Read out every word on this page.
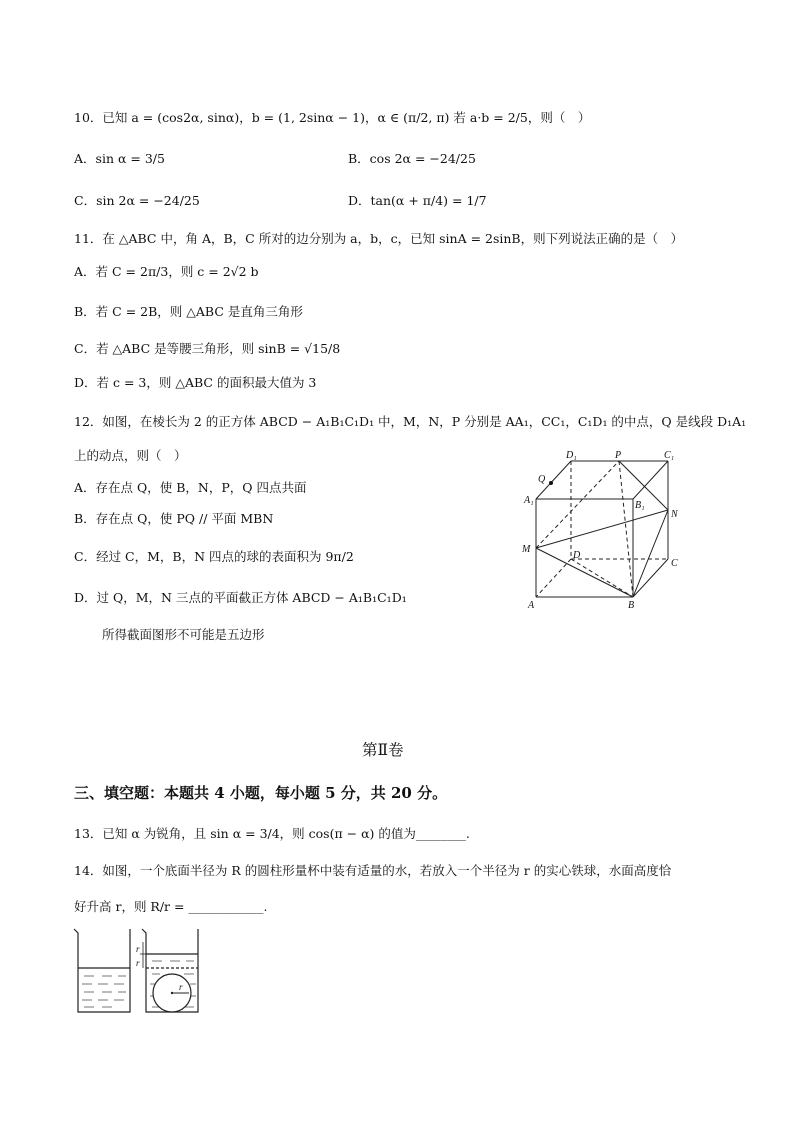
10．已知 a = (cos2α, sinα)，b = (1, 2sinα − 1)，α ∈ (π/2, π) 若 a·b = 2/5，则（　）
A．sin α = 3/5	B．cos 2α = −24/25
C．sin 2α = −24/25	D．tan(α + π/4) = 1/7
11．在 △ABC 中，角 A，B，C 所对的边分别为 a，b，c，已知 sinA = 2sinB，则下列说法正确的是（　）
A．若 C = 2π/3，则 c = 2√2 b
B．若 C = 2B，则 △ABC 是直角三角形
C．若 △ABC 是等腰三角形，则 sinB = √15/8
D．若 c = 3，则 △ABC 的面积最大值为 3
12．如图，在棱长为 2 的正方体 ABCD − A₁B₁C₁D₁ 中，M，N，P 分别是 AA₁，CC₁，C₁D₁ 的中点，Q 是线段 D₁A₁
上的动点，则（　）
A．存在点 Q，使 B，N，P，Q 四点共面
B．存在点 Q，使 PQ // 平面 MBN
C．经过 C，M，B，N 四点的球的表面积为 9π/2
D．过 Q，M，N 三点的平面截正方体 ABCD − A₁B₁C₁D₁
所得截面图形不可能是五边形
A₁
D₁	P	C₁
Q
B₁
N
M
D
C
A	B
第Ⅱ卷
三、填空题：本题共 4 小题，每小题 5 分，共 20 分。
13．已知 α 为锐角，且 sin α = 3/4，则 cos(π − α) 的值为________.
14．如图，一个底面半径为 R 的圆柱形量杯中装有适量的水，若放入一个半径为 r 的实心铁球，水面高度恰
好升高 r，则 R/r = ____________.
r
r
r
